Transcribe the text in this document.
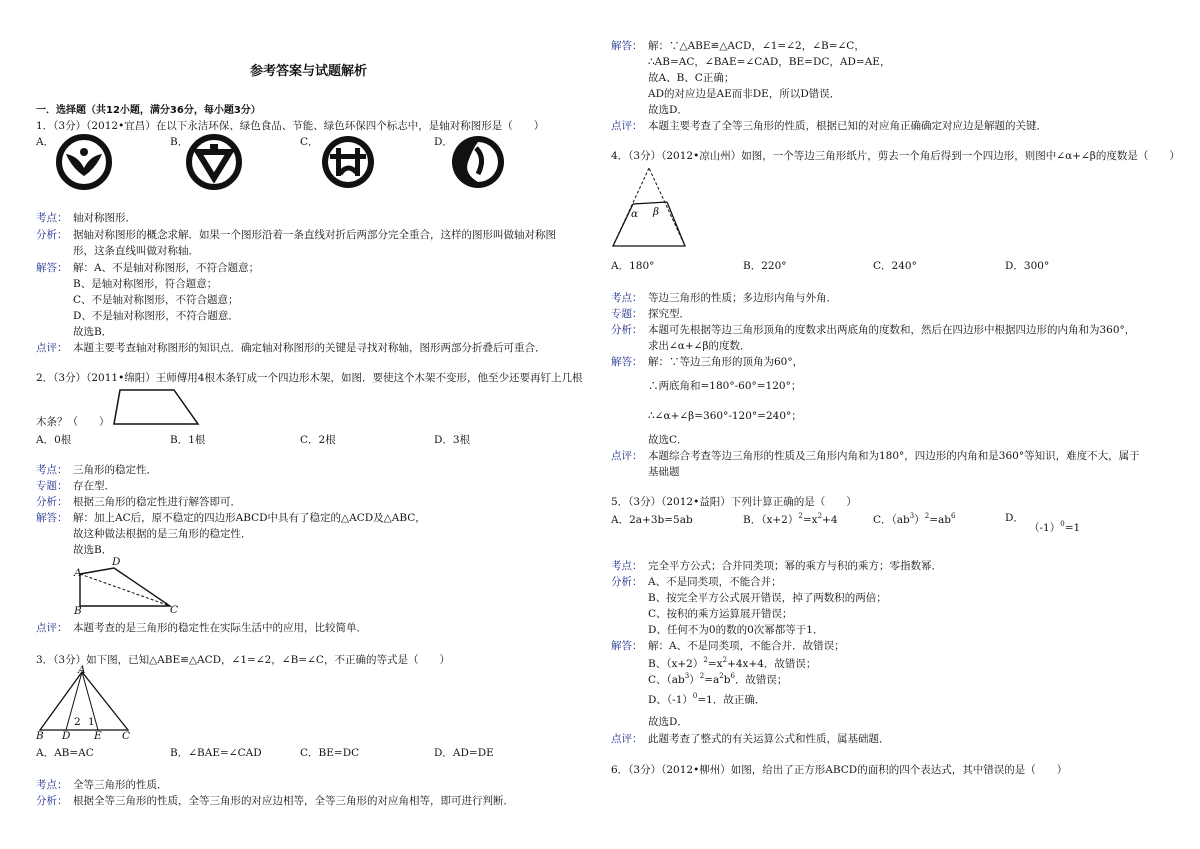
参考答案与试题解析
一．选择题（共12小题，满分36分，每小题3分）
1．（3分）（2012•宜昌）在以下永洁环保、绿色食品、节能、绿色环保四个标志中，是轴对称图形是（　　）
A．	B．	C．	D．
考点： 轴对称图形．
分析： 据轴对称图形的概念求解．如果一个图形沿着一条直线对折后两部分完全重合，这样的图形叫做轴对称图
形，这条直线叫做对称轴．
解答： 解：A、不是轴对称图形，不符合题意；
B、是轴对称图形，符合题意；
C、不是轴对称图形，不符合题意；
D、不是轴对称图形，不符合题意．
故选B．
点评： 本题主要考查轴对称图形的知识点．确定轴对称图形的关键是寻找对称轴，图形两部分折叠后可重合．
2．（3分）（2011•绵阳）王师傅用4根木条钉成一个四边形木架，如图．要使这个木架不变形，他至少还要再钉上几根
木条？（　　）
A．0根	B．1根	C．2根	D．3根
考点： 三角形的稳定性．
专题： 存在型．
分析： 根据三角形的稳定性进行解答即可．
解答： 解：加上AC后，原不稳定的四边形ABCD中具有了稳定的△ACD及△ABC，
故这种做法根据的是三角形的稳定性．
故选B．
A
D
B	C
点评： 本题考查的是三角形的稳定性在实际生活中的应用，比较简单．
3．（3分）如下图，已知△ABE≌△ACD，∠1=∠2，∠B=∠C，不正确的等式是（　　）
A
B D E C
2 1
A．AB=AC	B．∠BAE=∠CAD	C．BE=DC	D．AD=DE
考点： 全等三角形的性质．
分析： 根据全等三角形的性质，全等三角形的对应边相等，全等三角形的对应角相等，即可进行判断．
解答： 解：∵△ABE≌△ACD，∠1=∠2，∠B=∠C，
∴AB=AC，∠BAE=∠CAD，BE=DC，AD=AE，
故A、B、C正确；
AD的对应边是AE而非DE，所以D错误．
故选D．
点评： 本题主要考查了全等三角形的性质，根据已知的对应角正确确定对应边是解题的关键．
4．（3分）（2012•凉山州）如图，一个等边三角形纸片，剪去一个角后得到一个四边形，则图中∠α+∠β的度数是（　　）
α β
A．180°	B．220°	C．240°	D．300°
考点： 等边三角形的性质；多边形内角与外角．
专题： 探究型．
分析： 本题可先根据等边三角形顶角的度数求出两底角的度数和，然后在四边形中根据四边形的内角和为360°，
求出∠α+∠β的度数．
解答： 解：∵等边三角形的顶角为60°，
∴两底角和=180°-60°=120°；
∴∠α+∠β=360°-120°=240°；
故选C．
点评： 本题综合考查等边三角形的性质及三角形内角和为180°，四边形的内角和是360°等知识，难度不大，属于
基础题
5．（3分）（2012•益阳）下列计算正确的是（　　）
A．2a+3b=5ab	B．$(x+2)^2=x^2+4$	C．$(ab^3)^2=ab^6$	D．
$(-1)^0=1$
考点： 完全平方公式；合并同类项；幂的乘方与积的乘方；零指数幂．
分析： A、不是同类项，不能合并；
B、按完全平方公式展开错误，掉了两数积的两倍；
C、按积的乘方运算展开错误；
D、任何不为0的数的0次幂都等于1．
解答： 解：A、不是同类项，不能合并．故错误；
B、$(x+2)^2=x^2+4x+4$．故错误；
C、$(ab^3)^2=a^2b^6$．故错误；
D、$(-1)^0=1$．故正确．
故选D．
点评： 此题考查了整式的有关运算公式和性质，属基础题．
6．（3分）（2012•柳州）如图，给出了正方形ABCD的面积的四个表达式，其中错误的是（　　）
